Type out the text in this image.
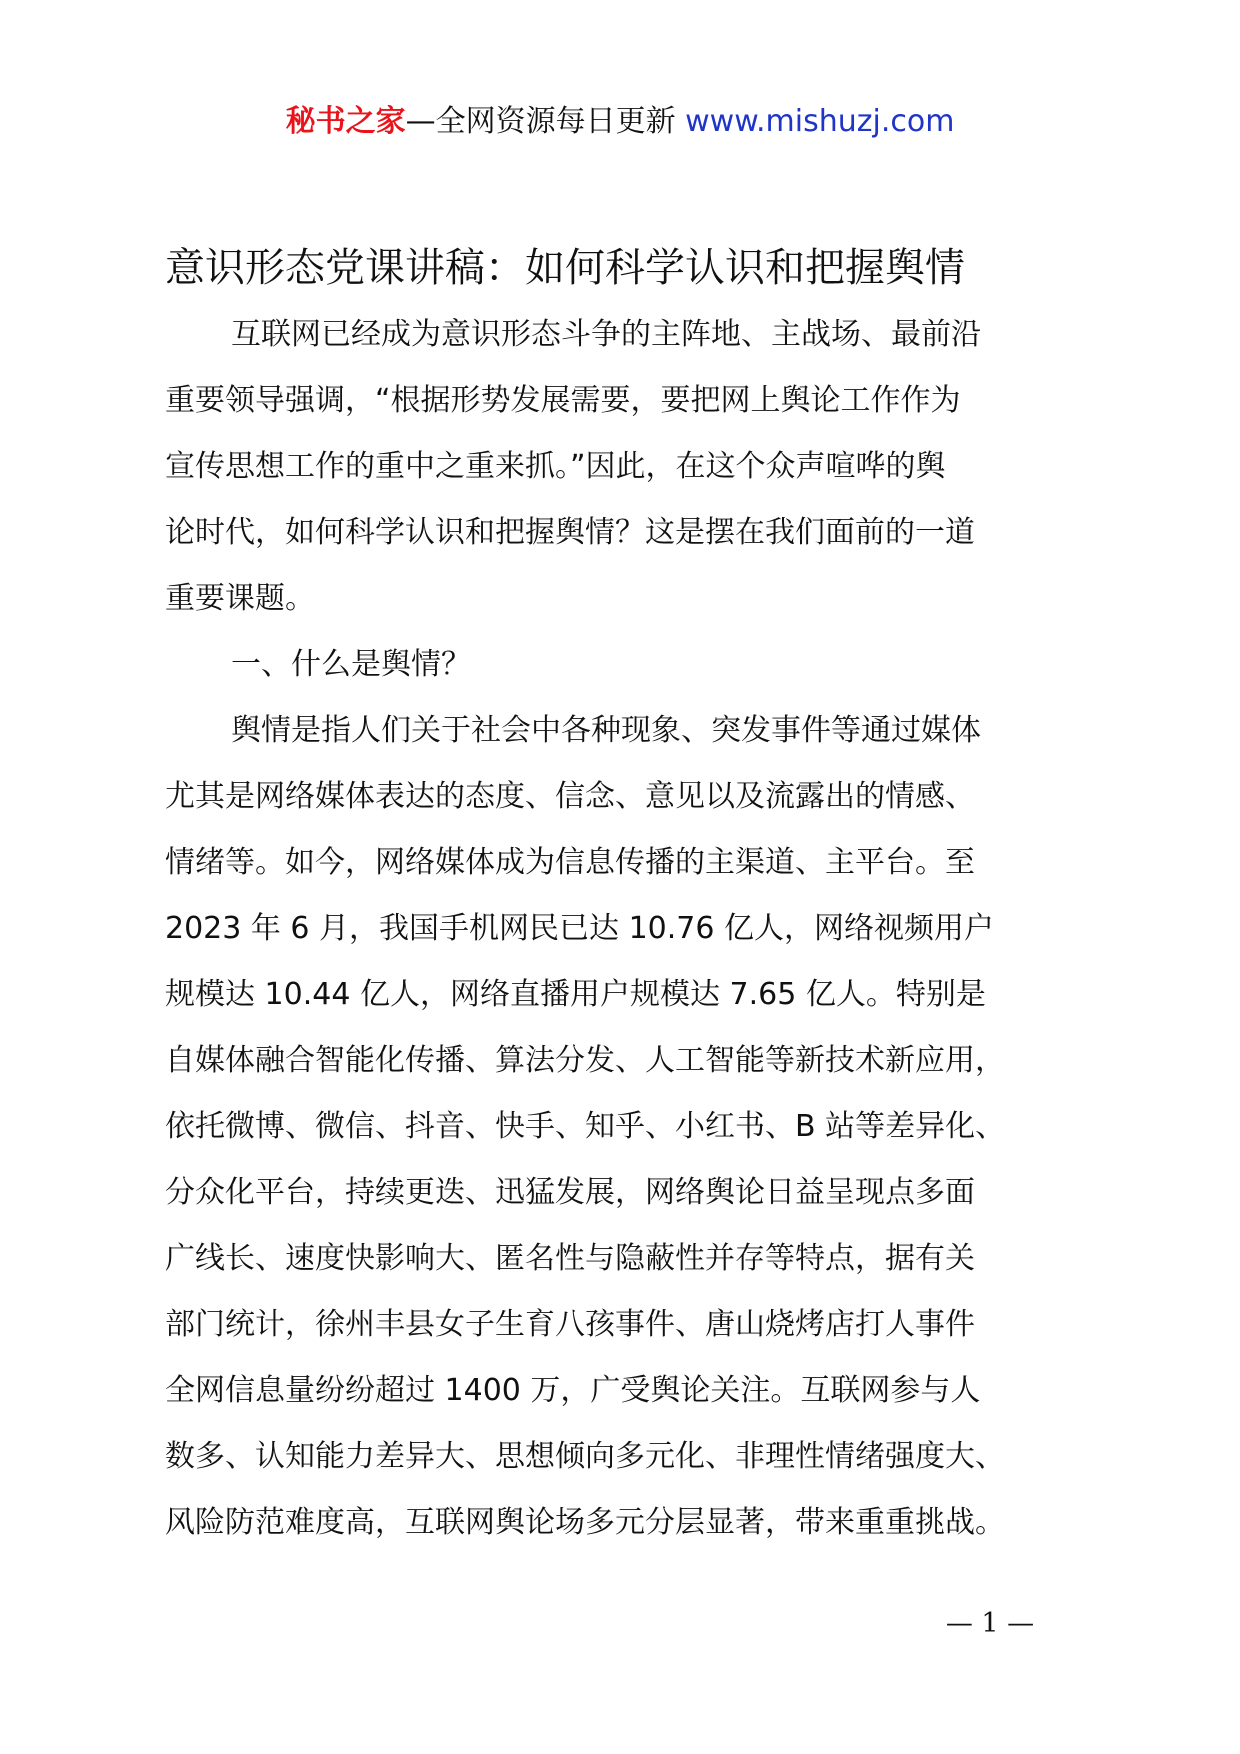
秘书之家—全网资源每日更新 www.mishuzj.com
意识形态党课讲稿：如何科学认识和把握舆情
互联网已经成为意识形态斗争的主阵地、主战场、最前沿
重要领导强调，“根据形势发展需要，要把网上舆论工作作为
宣传思想工作的重中之重来抓。”因此，在这个众声喧哗的舆
论时代，如何科学认识和把握舆情？这是摆在我们面前的一道
重要课题。
一、什么是舆情？
舆情是指人们关于社会中各种现象、突发事件等通过媒体
尤其是网络媒体表达的态度、信念、意见以及流露出的情感、
情绪等。如今，网络媒体成为信息传播的主渠道、主平台。至
2023 年 6 月，我国手机网民已达 10.76 亿人，网络视频用户
规模达 10.44 亿人，网络直播用户规模达 7.65 亿人。特别是
自媒体融合智能化传播、算法分发、人工智能等新技术新应用，
依托微博、微信、抖音、快手、知乎、小红书、B 站等差异化、
分众化平台，持续更迭、迅猛发展，网络舆论日益呈现点多面
广线长、速度快影响大、匿名性与隐蔽性并存等特点，据有关
部门统计，徐州丰县女子生育八孩事件、唐山烧烤店打人事件
全网信息量纷纷超过 1400 万，广受舆论关注。互联网参与人
数多、认知能力差异大、思想倾向多元化、非理性情绪强度大、
风险防范难度高，互联网舆论场多元分层显著，带来重重挑战。
— 1 —
